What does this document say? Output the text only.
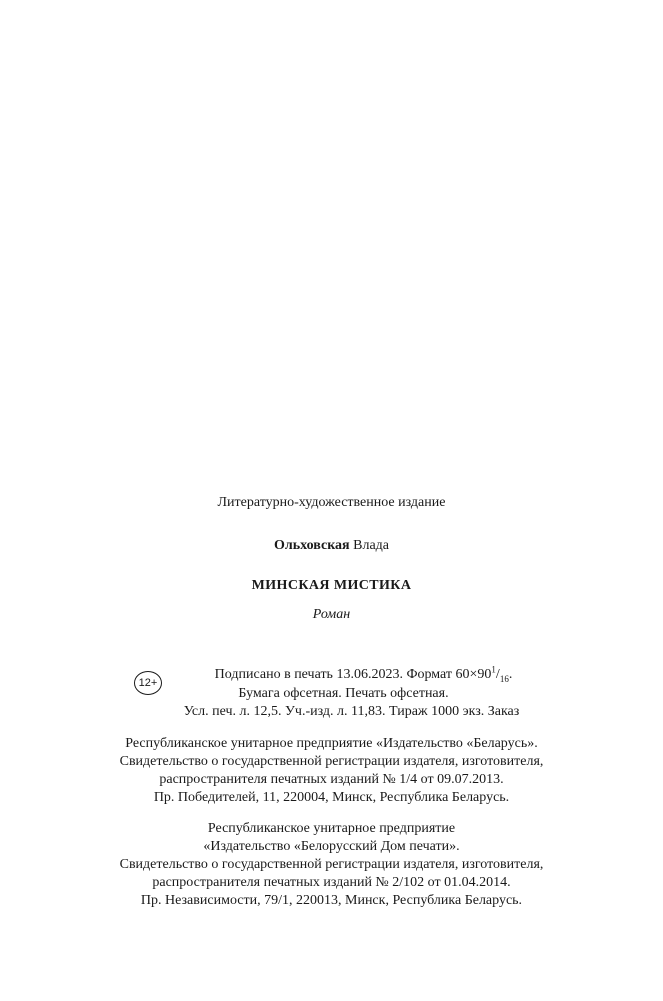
Литературно-художественное издание
Ольховская Влада
МИНСКАЯ МИСТИКА
Роман
12+
Подписано в печать 13.06.2023. Формат $60\times 90^1/_{16}$.
Бумага офсетная. Печать офсетная.
Усл. печ. л. 12,5. Уч.-изд. л. 11,83. Тираж 1000 экз. Заказ
Республиканское унитарное предприятие «Издательство «Беларусь».
Свидетельство о государственной регистрации издателя, изготовителя,
распространителя печатных изданий № 1/4 от 09.07.2013.
Пр. Победителей, 11, 220004, Минск, Республика Беларусь.
Республиканское унитарное предприятие
«Издательство «Белорусский Дом печати».
Свидетельство о государственной регистрации издателя, изготовителя,
распространителя печатных изданий № 2/102 от 01.04.2014.
Пр. Независимости, 79/1, 220013, Минск, Республика Беларусь.
